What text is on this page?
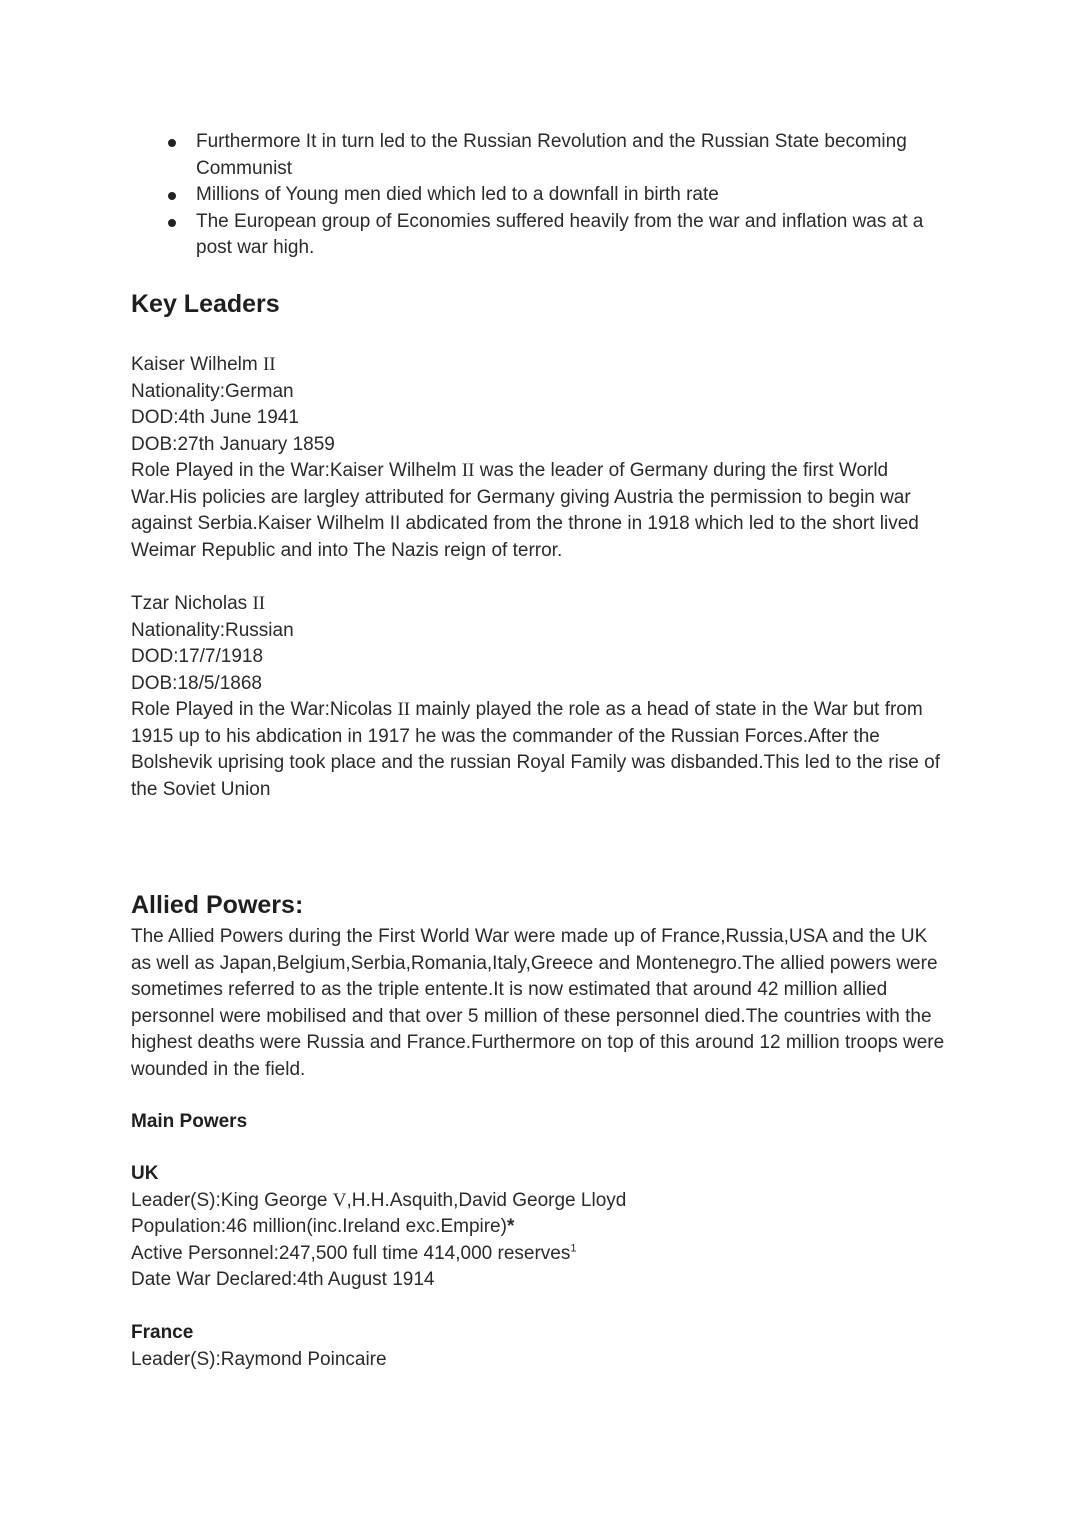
Furthermore It in turn led to the Russian Revolution and the Russian State becoming Communist
Millions of Young men died which led to a downfall in birth rate
The European group of Economies suffered heavily from the war and inflation was at a post war high.
Key Leaders

Kaiser Wilhelm II

Nationality:German

DOD:4th June 1941

DOB:27th January 1859

Role Played in the War:Kaiser Wilhelm II was the leader of Germany during the first World War.His policies are largley attributed for Germany giving Austria the permission to begin war against Serbia.Kaiser Wilhelm II abdicated from the throne in 1918 which led to the short lived Weimar Republic and into The Nazis reign of terror.

Tzar Nicholas II

Nationality:Russian

DOD:17/7/1918

DOB:18/5/1868

Role Played in the War:Nicolas II mainly played the role as a head of state in the War but from 1915 up to his abdication in 1917 he was the commander of the Russian Forces.After the Bolshevik uprising took place and the russian Royal Family was disbanded.This led to the rise of the Soviet Union

Allied Powers:

The Allied Powers during the First World War were made up of France,Russia,USA and the UK as well as Japan,Belgium,Serbia,Romania,Italy,Greece and Montenegro.The allied powers were sometimes referred to as the triple entente.It is now estimated that around 42 million allied personnel were mobilised and that over 5 million of these personnel died.The countries with the highest deaths were Russia and France.Furthermore on top of this around 12 million troops were wounded in the field.

Main Powers

UK

Leader(S):King George V,H.H.Asquith,David George Lloyd

Population:46 million(inc.Ireland exc.Empire)*

Active Personnel:247,500 full time 414,000 reserves$^1$

Date War Declared:4th August 1914

France

Leader(S):Raymond Poincaire
